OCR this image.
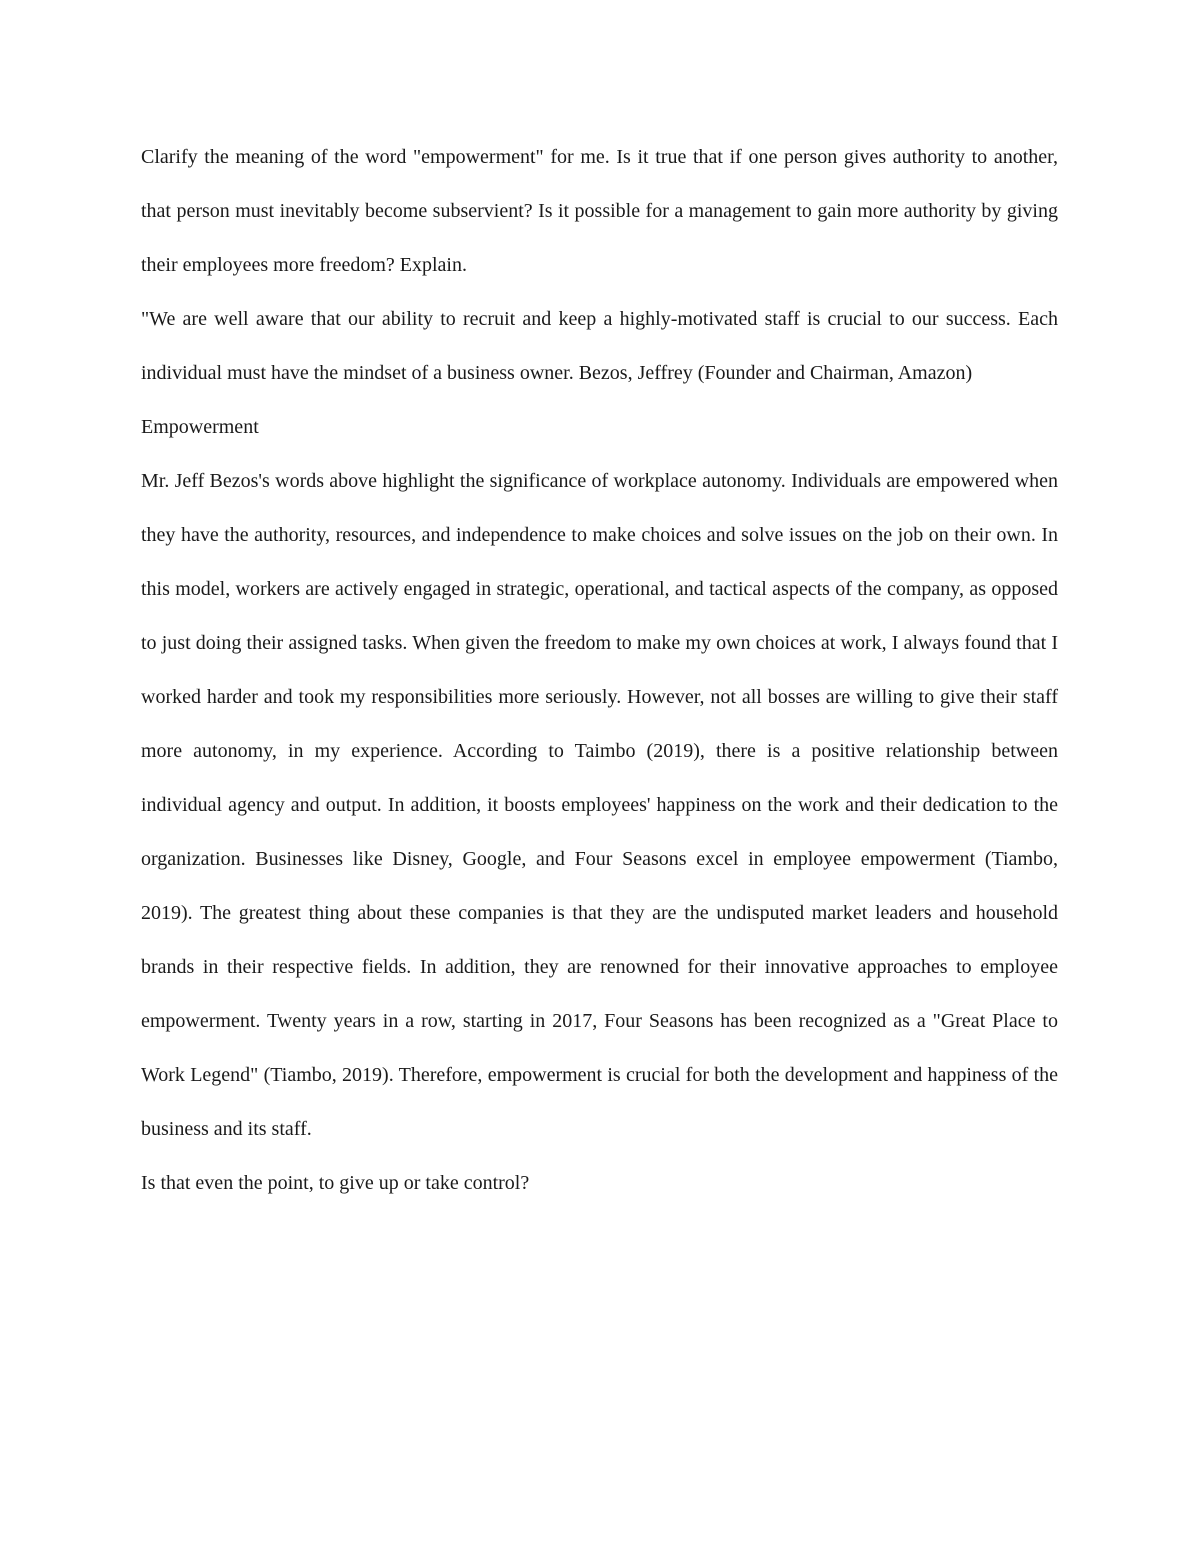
Clarify the meaning of the word "empowerment" for me. Is it true that if one person gives authority to another, that person must inevitably become subservient? Is it possible for a management to gain more authority by giving their employees more freedom? Explain.

"We are well aware that our ability to recruit and keep a highly-motivated staff is crucial to our success. Each individual must have the mindset of a business owner. Bezos, Jeffrey (Founder and Chairman, Amazon)

Empowerment

Mr. Jeff Bezos's words above highlight the significance of workplace autonomy. Individuals are empowered when they have the authority, resources, and independence to make choices and solve issues on the job on their own. In this model, workers are actively engaged in strategic, operational, and tactical aspects of the company, as opposed to just doing their assigned tasks. When given the freedom to make my own choices at work, I always found that I worked harder and took my responsibilities more seriously. However, not all bosses are willing to give their staff more autonomy, in my experience. According to Taimbo (2019), there is a positive relationship between individual agency and output. In addition, it boosts employees' happiness on the work and their dedication to the organization. Businesses like Disney, Google, and Four Seasons excel in employee empowerment (Tiambo, 2019). The greatest thing about these companies is that they are the undisputed market leaders and household brands in their respective fields. In addition, they are renowned for their innovative approaches to employee empowerment. Twenty years in a row, starting in 2017, Four Seasons has been recognized as a "Great Place to Work Legend" (Tiambo, 2019). Therefore, empowerment is crucial for both the development and happiness of the business and its staff.

Is that even the point, to give up or take control?
